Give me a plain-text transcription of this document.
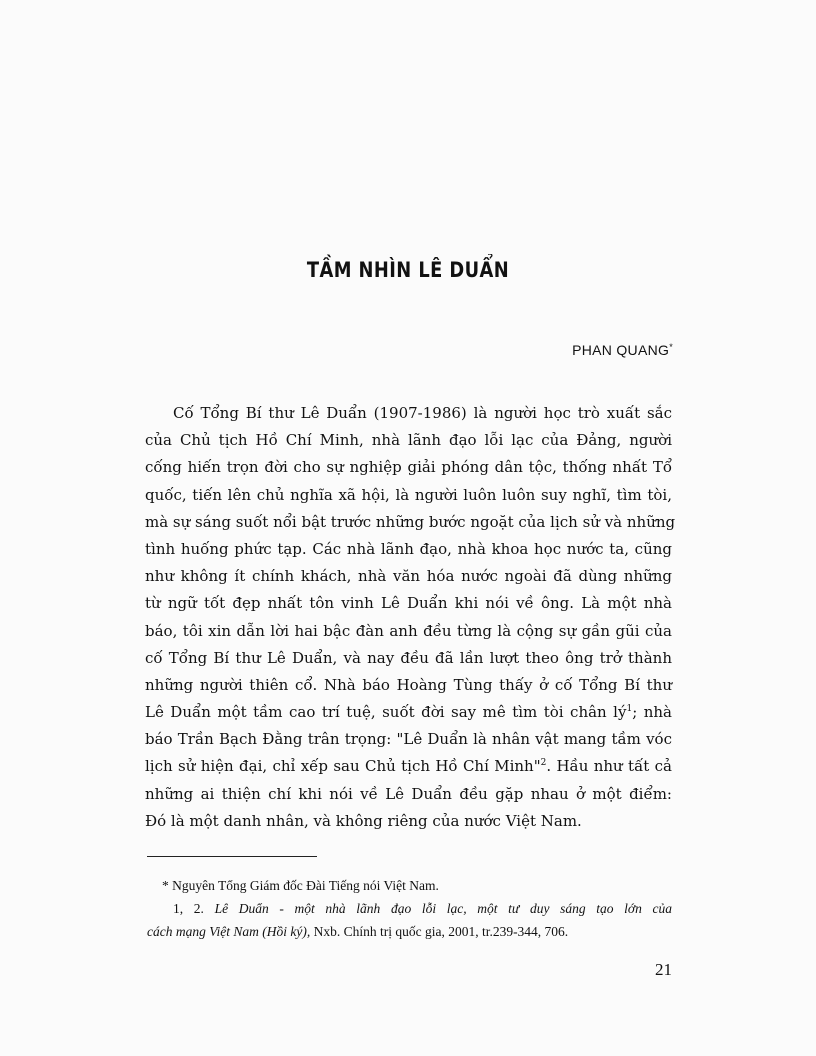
TẦM NHÌN LÊ DUẨN
PHAN QUANG*
Cố Tổng Bí thư Lê Duẩn (1907-1986) là người học trò xuất sắc
của Chủ tịch Hồ Chí Minh, nhà lãnh đạo lỗi lạc của Đảng, người
cống hiến trọn đời cho sự nghiệp giải phóng dân tộc, thống nhất Tổ
quốc, tiến lên chủ nghĩa xã hội, là người luôn luôn suy nghĩ, tìm tòi,
mà sự sáng suốt nổi bật trước những bước ngoặt của lịch sử và những
tình huống phức tạp. Các nhà lãnh đạo, nhà khoa học nước ta, cũng
như không ít chính khách, nhà văn hóa nước ngoài đã dùng những
từ ngữ tốt đẹp nhất tôn vinh Lê Duẩn khi nói về ông. Là một nhà
báo, tôi xin dẫn lời hai bậc đàn anh đều từng là cộng sự gần gũi của
cố Tổng Bí thư Lê Duẩn, và nay đều đã lần lượt theo ông trở thành
những người thiên cổ. Nhà báo Hoàng Tùng thấy ở cố Tổng Bí thư
Lê Duẩn một tầm cao trí tuệ, suốt đời say mê tìm tòi chân $lý^1$; nhà
báo Trần Bạch Đằng trân trọng: "Lê Duẩn là nhân vật mang tầm vóc
lịch sử hiện đại, chỉ xếp sau Chủ tịch Hồ Chí Minh"$^2$. Hầu như tất cả
những ai thiện chí khi nói về Lê Duẩn đều gặp nhau ở một điểm:
Đó là một danh nhân, và không riêng của nước Việt Nam.
* Nguyên Tổng Giám đốc Đài Tiếng nói Việt Nam.
1, 2. Lê Duẩn - một nhà lãnh đạo lỗi lạc, một tư duy sáng tạo lớn của
cách mạng Việt Nam (Hồi ký), Nxb. Chính trị quốc gia, 2001, tr.239-344, 706.
21
